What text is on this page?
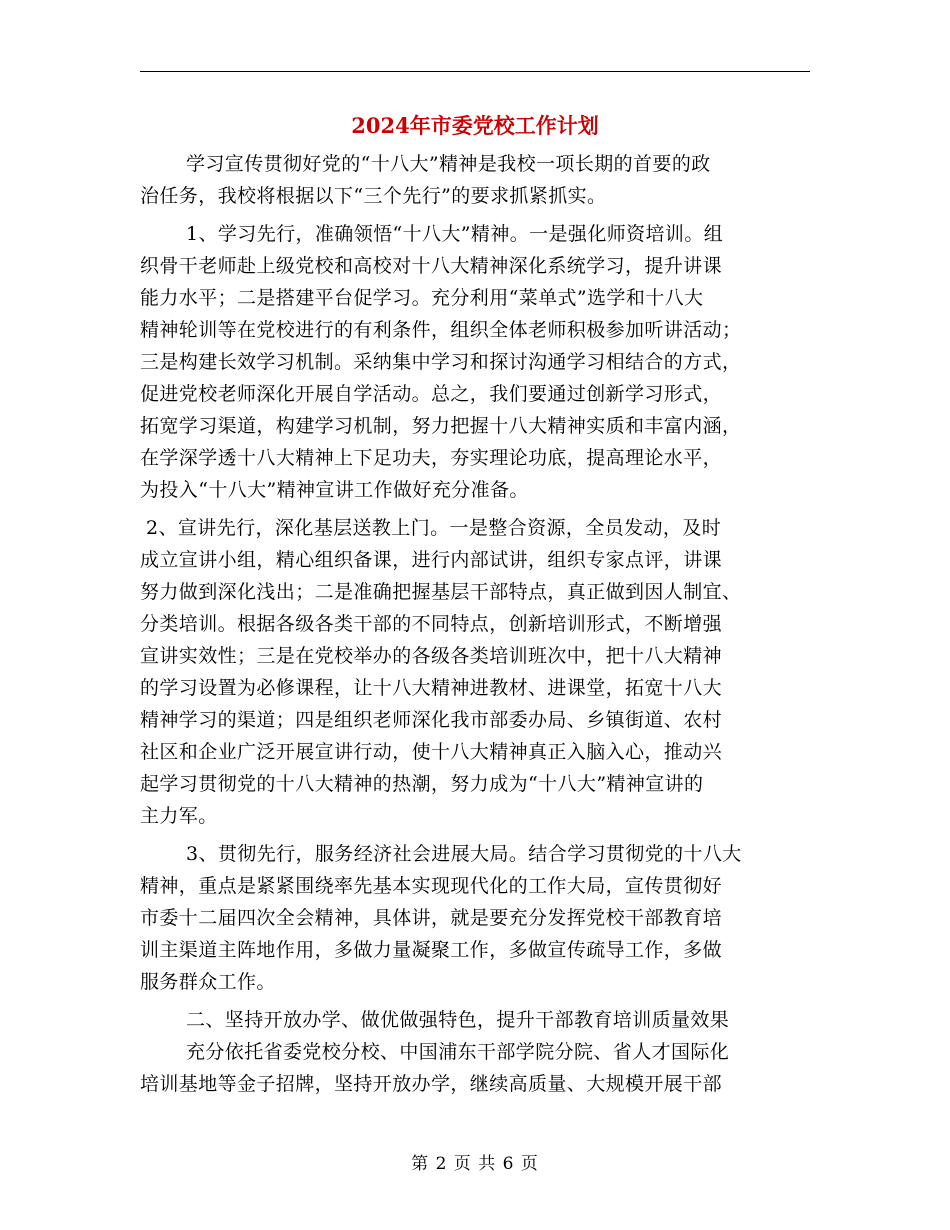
2024年市委党校工作计划
学习宣传贯彻好党的“十八大”精神是我校一项长期的首要的政
治任务，我校将根据以下“三个先行”的要求抓紧抓实。
1、学习先行，准确领悟“十八大”精神。一是强化师资培训。组
织骨干老师赴上级党校和高校对十八大精神深化系统学习，提升讲课
能力水平；二是搭建平台促学习。充分利用“菜单式”选学和十八大
精神轮训等在党校进行的有利条件，组织全体老师积极参加听讲活动；
三是构建长效学习机制。采纳集中学习和探讨沟通学习相结合的方式，
促进党校老师深化开展自学活动。总之，我们要通过创新学习形式，
拓宽学习渠道，构建学习机制，努力把握十八大精神实质和丰富内涵，
在学深学透十八大精神上下足功夫，夯实理论功底，提高理论水平，
为投入“十八大”精神宣讲工作做好充分准备。
2、宣讲先行，深化基层送教上门。一是整合资源，全员发动，及时
成立宣讲小组，精心组织备课，进行内部试讲，组织专家点评，讲课
努力做到深化浅出；二是准确把握基层干部特点，真正做到因人制宜、
分类培训。根据各级各类干部的不同特点，创新培训形式，不断增强
宣讲实效性；三是在党校举办的各级各类培训班次中，把十八大精神
的学习设置为必修课程，让十八大精神进教材、进课堂，拓宽十八大
精神学习的渠道；四是组织老师深化我市部委办局、乡镇街道、农村
社区和企业广泛开展宣讲行动，使十八大精神真正入脑入心，推动兴
起学习贯彻党的十八大精神的热潮，努力成为“十八大”精神宣讲的
主力军。
3、贯彻先行，服务经济社会进展大局。结合学习贯彻党的十八大
精神，重点是紧紧围绕率先基本实现现代化的工作大局，宣传贯彻好
市委十二届四次全会精神，具体讲，就是要充分发挥党校干部教育培
训主渠道主阵地作用，多做力量凝聚工作，多做宣传疏导工作，多做
服务群众工作。
二、坚持开放办学、做优做强特色，提升干部教育培训质量效果
充分依托省委党校分校、中国浦东干部学院分院、省人才国际化
培训基地等金子招牌，坚持开放办学，继续高质量、大规模开展干部
第 2 页 共 6 页
